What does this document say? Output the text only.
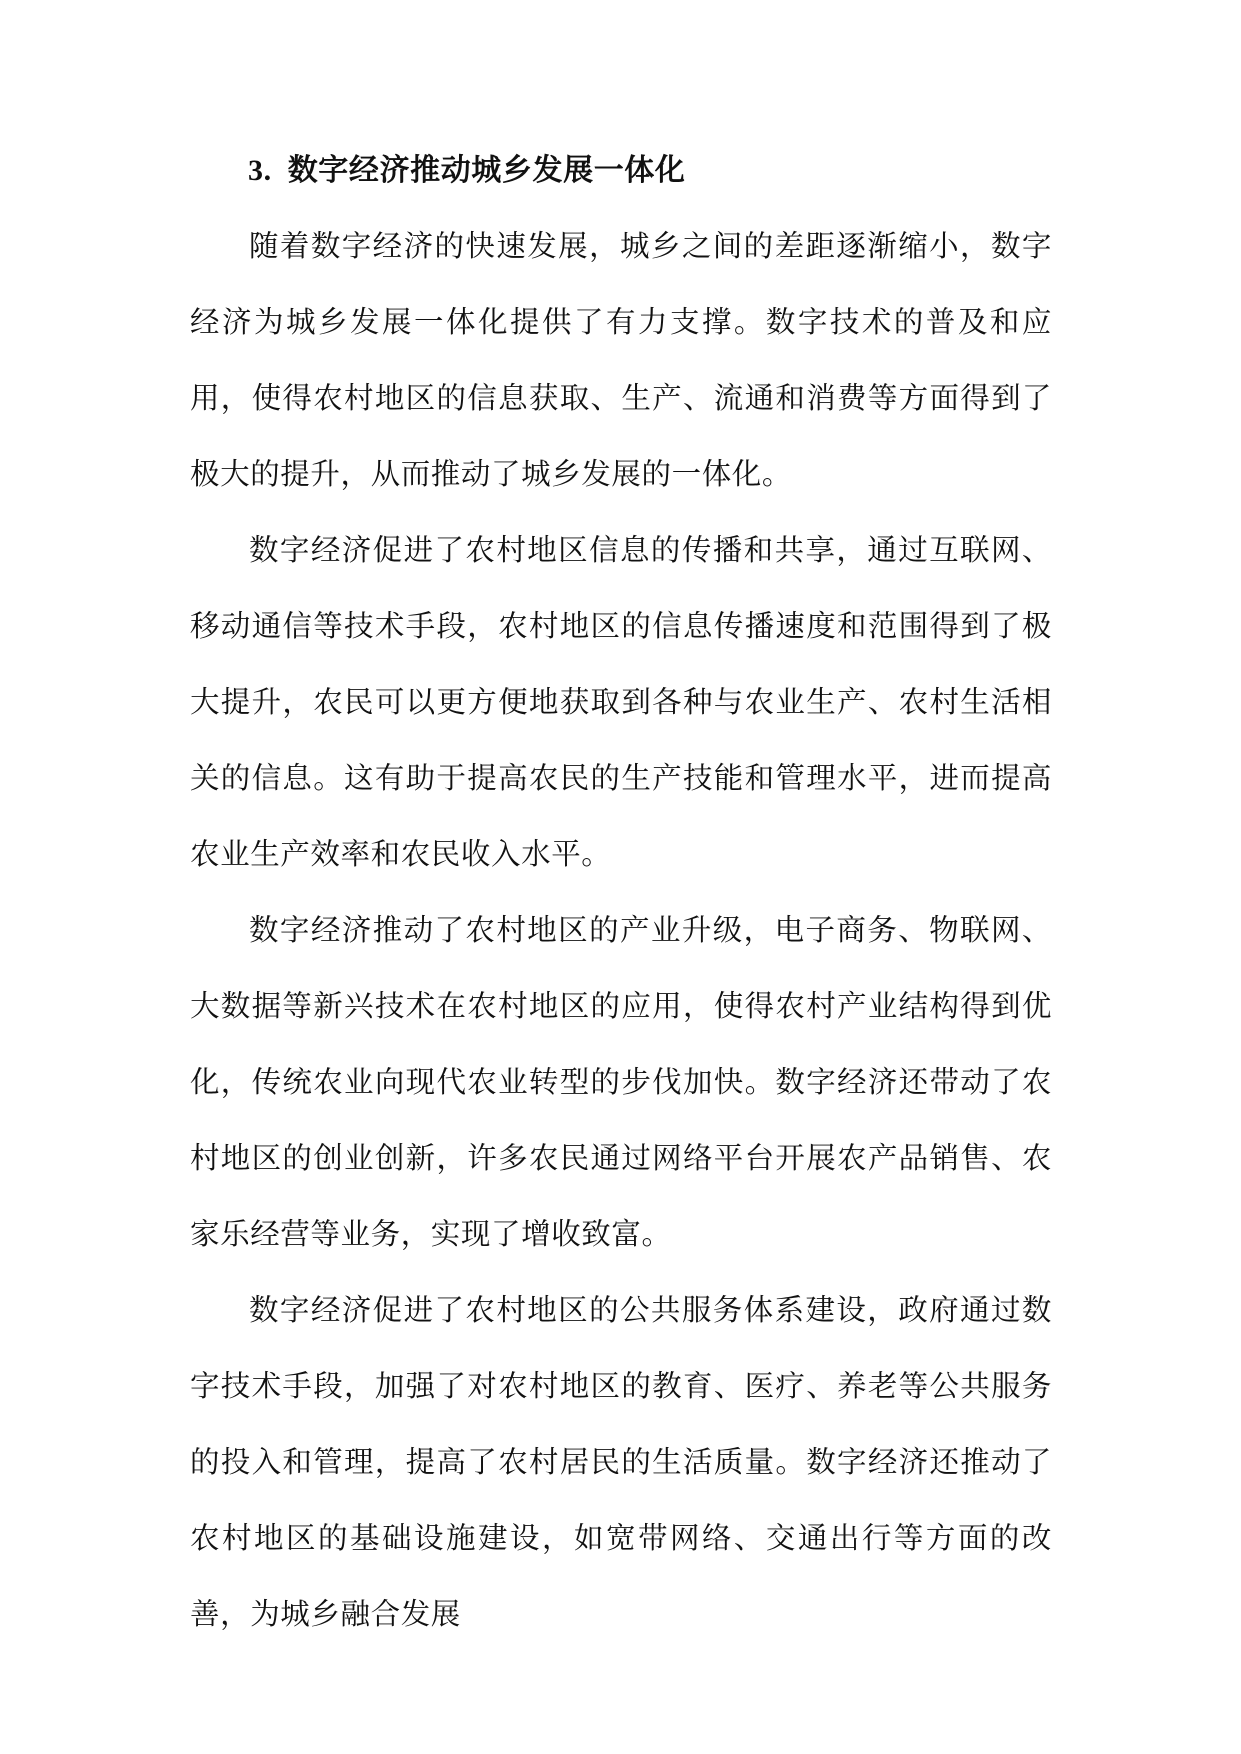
3. 数字经济推动城乡发展一体化

随着数字经济的快速发展，城乡之间的差距逐渐缩小，数字经济为城乡发展一体化提供了有力支撑。数字技术的普及和应用，使得农村地区的信息获取、生产、流通和消费等方面得到了极大的提升，从而推动了城乡发展的一体化。

数字经济促进了农村地区信息的传播和共享，通过互联网、移动通信等技术手段，农村地区的信息传播速度和范围得到了极大提升，农民可以更方便地获取到各种与农业生产、农村生活相关的信息。这有助于提高农民的生产技能和管理水平，进而提高农业生产效率和农民收入水平。

数字经济推动了农村地区的产业升级，电子商务、物联网、大数据等新兴技术在农村地区的应用，使得农村产业结构得到优化，传统农业向现代农业转型的步伐加快。数字经济还带动了农村地区的创业创新，许多农民通过网络平台开展农产品销售、农家乐经营等业务，实现了增收致富。

数字经济促进了农村地区的公共服务体系建设，政府通过数字技术手段，加强了对农村地区的教育、医疗、养老等公共服务的投入和管理，提高了农村居民的生活质量。数字经济还推动了农村地区的基础设施建设，如宽带网络、交通出行等方面的改善，为城乡融合发展
